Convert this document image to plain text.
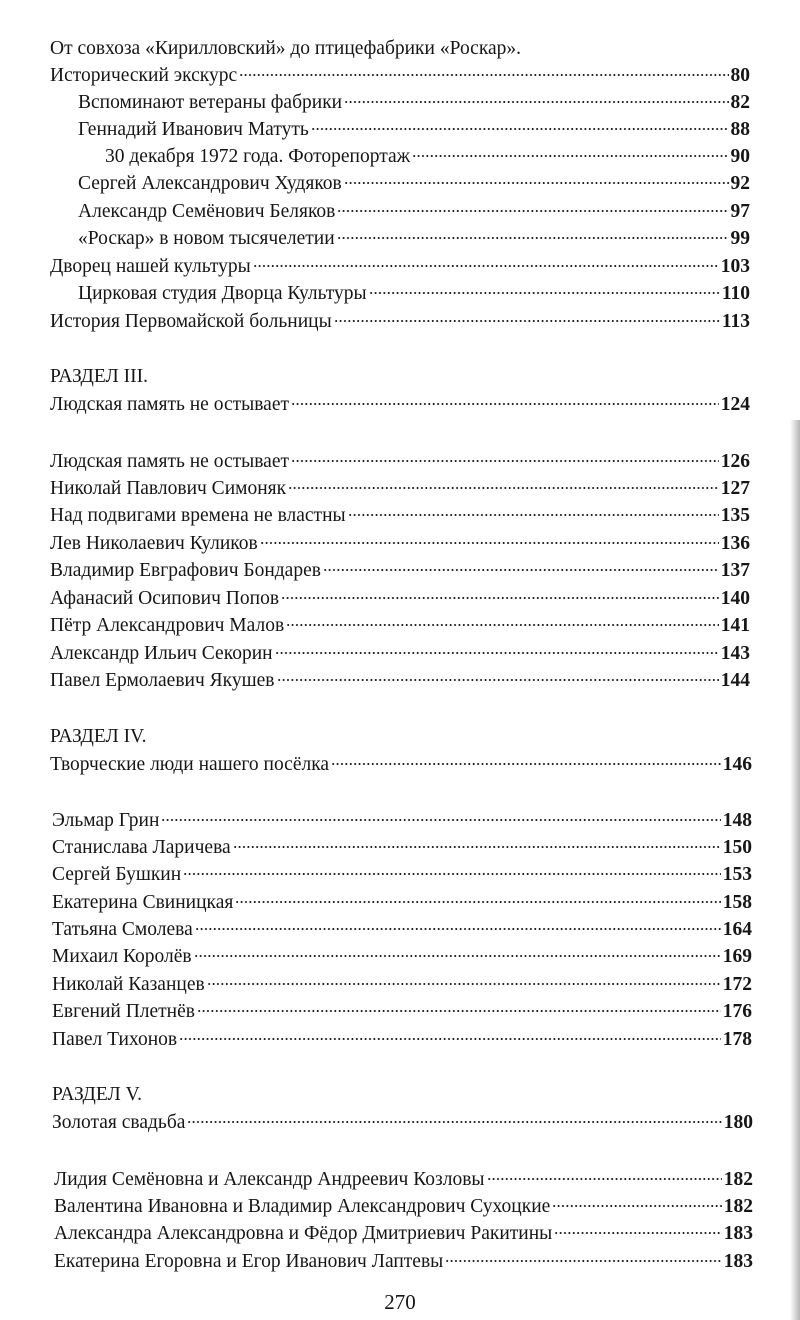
От совхоза «Кирилловский» до птицефабрики «Роскар».
Исторический экскурс	80
Вспоминают ветераны фабрики	82
Геннадий Иванович Матуть	88
30 декабря 1972 года. Фоторепортаж	90
Сергей Александрович Худяков	92
Александр Семёнович Беляков	97
«Роскар» в новом тысячелетии	99
Дворец нашей культуры	103
Цирковая студия Дворца Культуры	110
История Первомайской больницы	113
РАЗДЕЛ III.
Людская память не остывает	124
Людская память не остывает	126
Николай Павлович Симоняк	127
Над подвигами времена не властны	135
Лев Николаевич Куликов	136
Владимир Евграфович Бондарев	137
Афанасий Осипович Попов	140
Пётр Александрович Малов	141
Александр Ильич Секорин	143
Павел Ермолаевич Якушев	144
РАЗДЕЛ IV.
Творческие люди нашего посёлка	146
Эльмар Грин	148
Станислава Ларичева	150
Сергей Бушкин	153
Екатерина Свиницкая	158
Татьяна Смолева	164
Михаил Королёв	169
Николай Казанцев	172
Евгений Плетнёв	176
Павел Тихонов	178
РАЗДЕЛ V.
Золотая свадьба	180
Лидия Семёновна и Александр Андреевич Козловы	182
Валентина Ивановна и Владимир Александрович Сухоцкие	182
Александра Александровна и Фёдор Дмитриевич Ракитины	183
Екатерина Егоровна и Егор Иванович Лаптевы	183
270
